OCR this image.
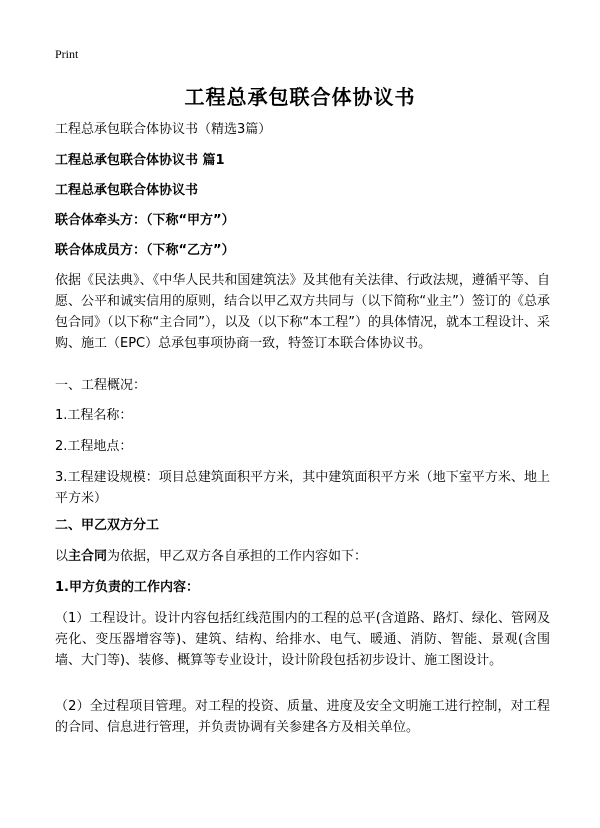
Print
工程总承包联合体协议书
工程总承包联合体协议书（精选3篇）
工程总承包联合体协议书 篇1
工程总承包联合体协议书
联合体牵头方：（下称“甲方”）
联合体成员方：（下称“乙方”）
依据《民法典》、《中华人民共和国建筑法》及其他有关法律、行政法规，遵循平等、自愿、公平和诚实信用的原则，结合以甲乙双方共同与（以下简称“业主”）签订的《总承包合同》（以下称“主合同”），以及（以下称“本工程”）的具体情况，就本工程设计、采购、施工（EPC）总承包事项协商一致，特签订本联合体协议书。
一、工程概况：
1.工程名称：
2.工程地点：
3.工程建设规模：项目总建筑面积平方米，其中建筑面积平方米（地下室平方米、地上平方米）
二、甲乙双方分工
以主合同为依据，甲乙双方各自承担的工作内容如下：
1.甲方负责的工作内容：
（1）工程设计。设计内容包括红线范围内的工程的总平(含道路、路灯、绿化、管网及亮化、变压器增容等)、建筑、结构、给排水、电气、暖通、消防、智能、景观(含围墙、大门等)、装修、概算等专业设计，设计阶段包括初步设计、施工图设计。
（2）全过程项目管理。对工程的投资、质量、进度及安全文明施工进行控制，对工程的合同、信息进行管理，并负责协调有关参建各方及相关单位。
